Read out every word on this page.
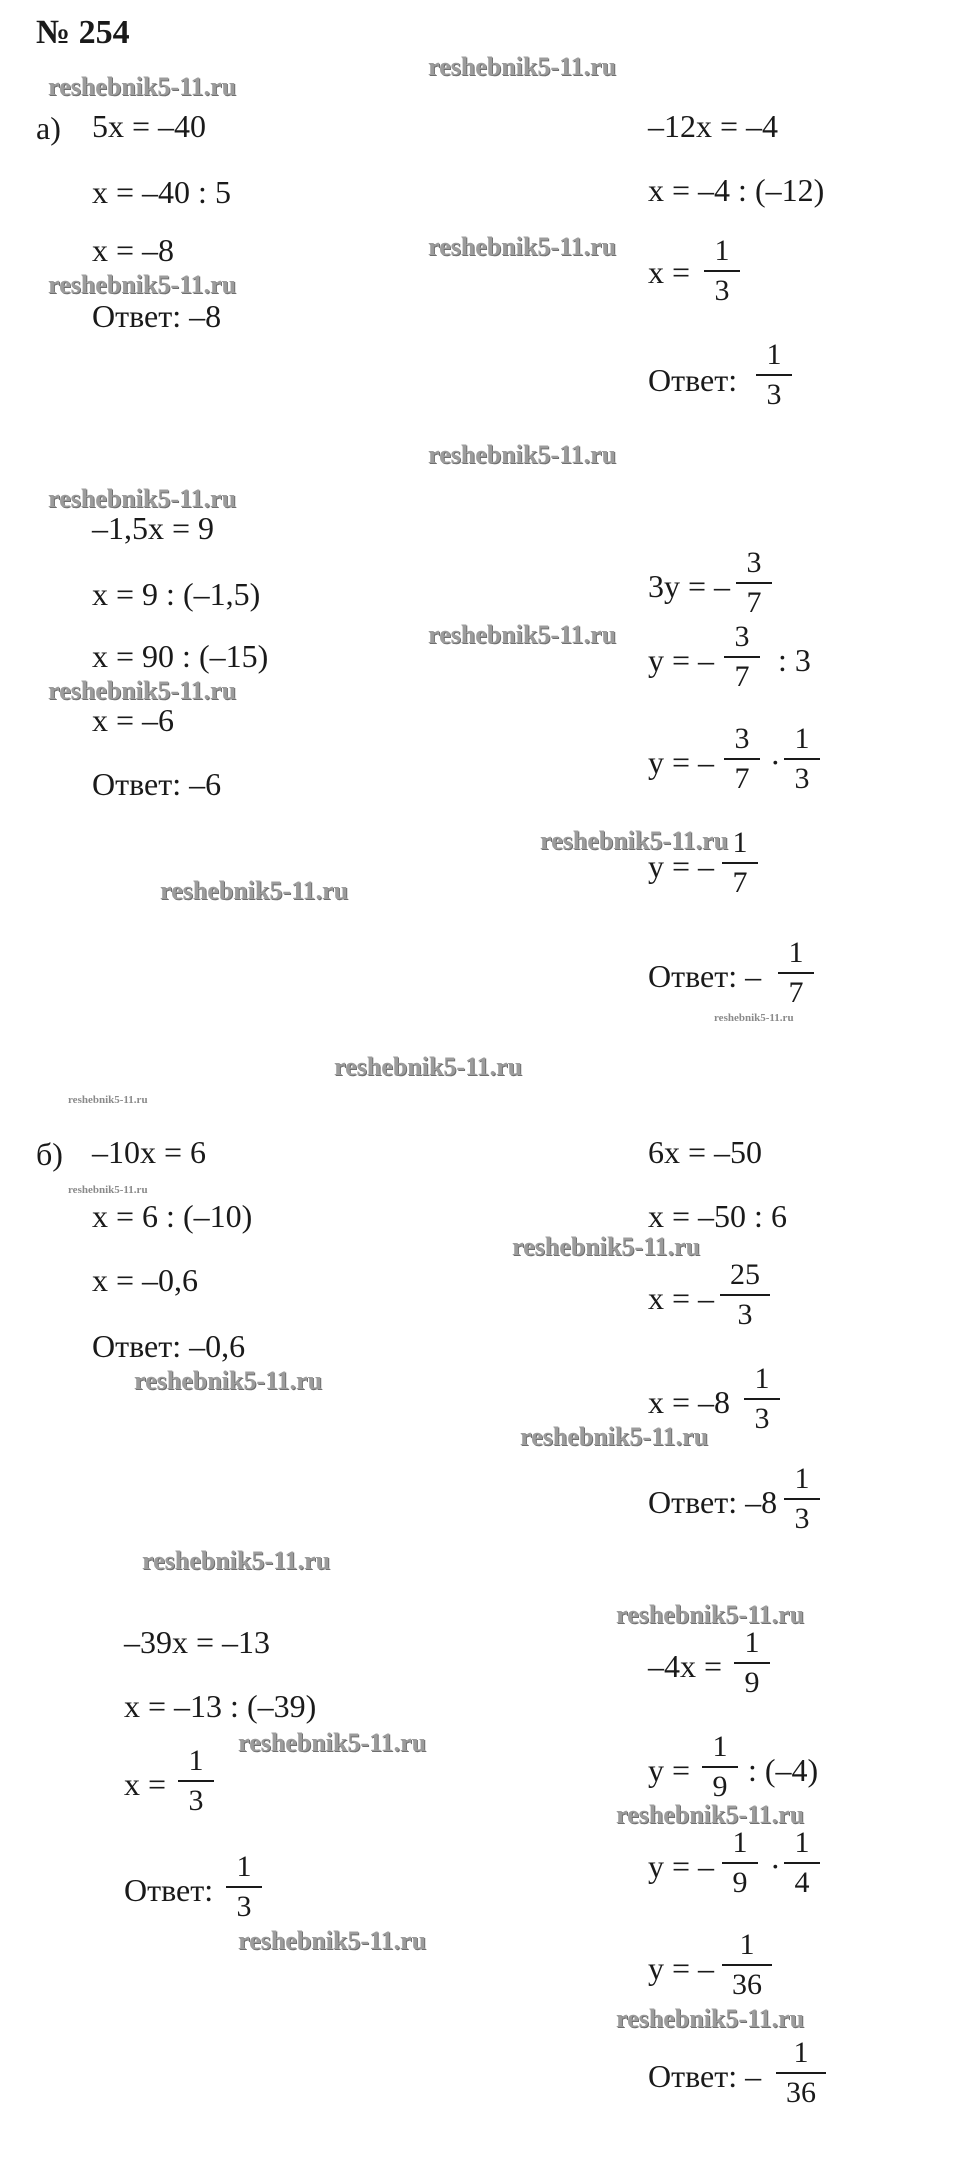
№ 254
reshebnik5-11.ru
reshebnik5-11.ru
reshebnik5-11.ru
reshebnik5-11.ru
reshebnik5-11.ru
reshebnik5-11.ru
reshebnik5-11.ru
reshebnik5-11.ru
reshebnik5-11.ru
reshebnik5-11.ru
reshebnik5-11.ru
reshebnik5-11.ru
reshebnik5-11.ru
reshebnik5-11.ru
reshebnik5-11.ru
reshebnik5-11.ru
reshebnik5-11.ru
reshebnik5-11.ru
reshebnik5-11.ru
reshebnik5-11.ru
reshebnik5-11.ru
reshebnik5-11.ru
reshebnik5-11.ru
а) 5x = –40
x = –40 : 5
x = –8
Ответ: –8
–12x = –4
x = –4 : (–12)
$x = \frac{1}{3}$
Ответ: $\frac{1}{3}$
–1,5x = 9
x = 9 : (–1,5)
x = 90 : (–15)
x = –6
Ответ: –6
3y = – $\frac{3}{7}$
y = – $\frac{3}{7}$ : 3
y = – $\frac{3}{7} \cdot \frac{1}{3}$
y = – $\frac{1}{7}$
Ответ: – $\frac{1}{7}$
б) –10x = 6
x = 6 : (–10)
x = –0,6
Ответ: –0,6
6x = –50
x = –50 : 6
x = – $\frac{25}{3}$
$x = -8 \frac{1}{3}$
Ответ: $-8 \frac{1}{3}$
–39x = –13
x = –13 : (–39)
$x = \frac{1}{3}$
Ответ: $\frac{1}{3}$
$-4x = \frac{1}{9}$
$y = \frac{1}{9}$ : (–4)
y = – $\frac{1}{9} \cdot \frac{1}{4}$
y = – $\frac{1}{36}$
Ответ: – $\frac{1}{36}$
